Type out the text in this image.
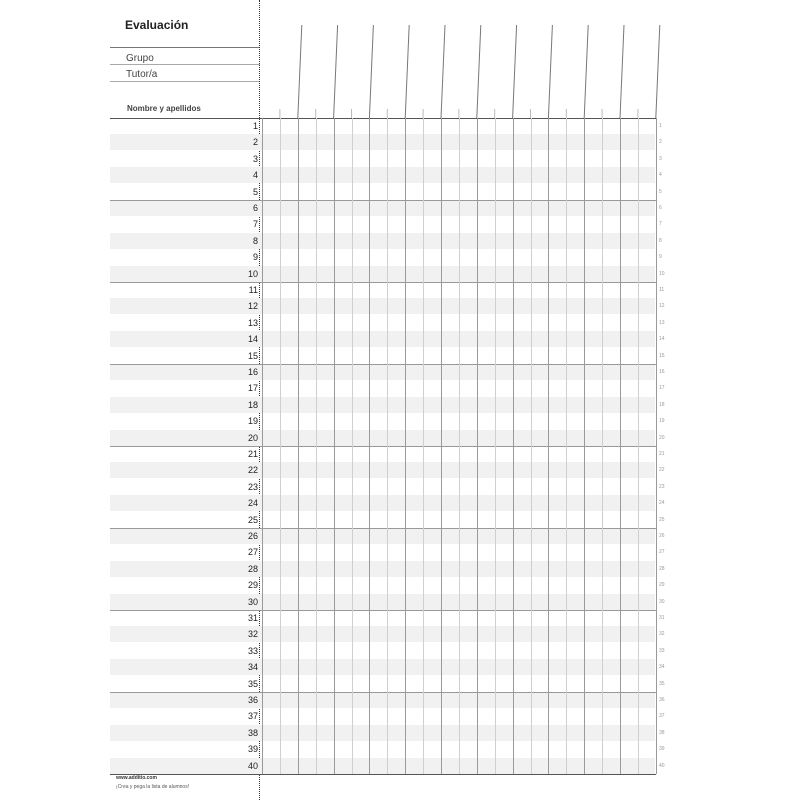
Evaluación
Grupo
Tutor/a
Nombre y apellidos
1	1
2	2
3	3
4	4
5	5
6	6
7	7
8	8
9	9
10	10
11	11
12	12
13	13
14	14
15	15
16	16
17	17
18	18
19	19
20	20
21	21
22	22
23	23
24	24
25	25
26	26
27	27
28	28
29	29
30	30
31	31
32	32
33	33
34	34
35	35
36	36
37	37
38	38
39	39
40	40
www.additio.com
¡Crea y pega la lista de alumnos!
